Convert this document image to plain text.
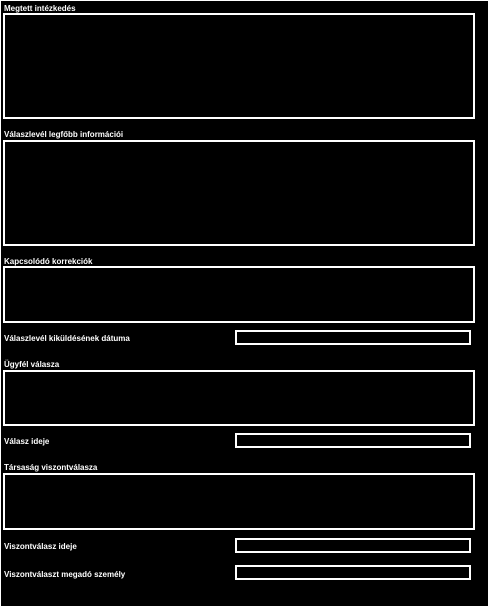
Megtett intézkedés
Válaszlevél legfőbb információi
Kapcsolódó korrekciók
Válaszlevél kiküldésének dátuma
Ügyfél válasza
Válasz ideje
Társaság viszontválasza
Viszontválasz ideje
Viszontválaszt megadó személy
